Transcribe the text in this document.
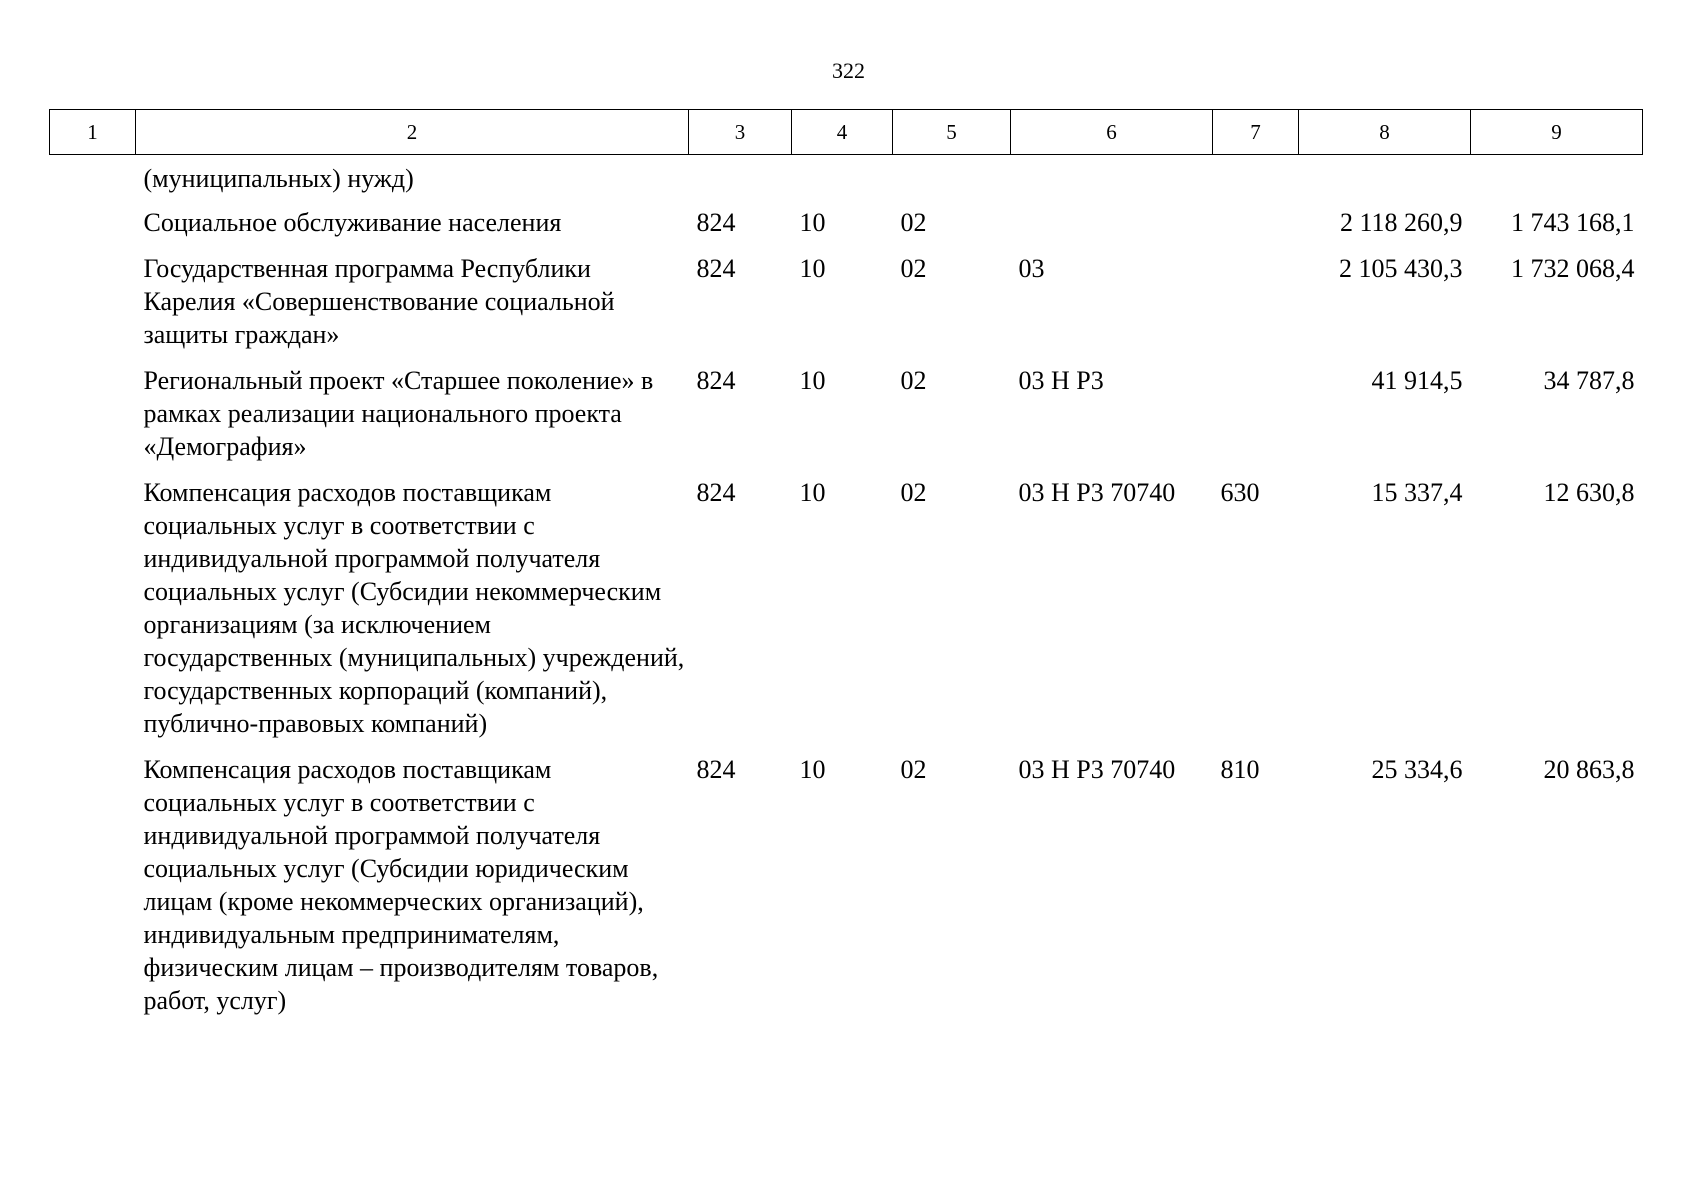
322
1	2	3	4	5	6	7	8	9
	(муниципальных) нужд)							
	Социальное обслуживание населения	824	10	02			2 118 260,9	1 743 168,1
	Государственная программа Республики Карелия «Совершенствование социальной защиты граждан»	824	10	02	03		2 105 430,3	1 732 068,4
	Региональный проект «Старшее поколение» в рамках реализации национального проекта «Демография»	824	10	02	03 Н Р3		41 914,5	34 787,8
	Компенсация расходов поставщикам социальных услуг в соответствии с индивидуальной программой получателя социальных услуг (Субсидии некоммерческим организациям (за исключением государственных (муниципальных) учреждений, государственных корпораций (компаний), публично-правовых компаний)	824	10	02	03 Н Р3 70740	630	15 337,4	12 630,8
	Компенсация расходов поставщикам социальных услуг в соответствии с индивидуальной программой получателя социальных услуг (Субсидии юридическим лицам (кроме некоммерческих организаций), индивидуальным предпринимателям, физическим лицам – производителям товаров, работ, услуг)	824	10	02	03 Н Р3 70740	810	25 334,6	20 863,8
